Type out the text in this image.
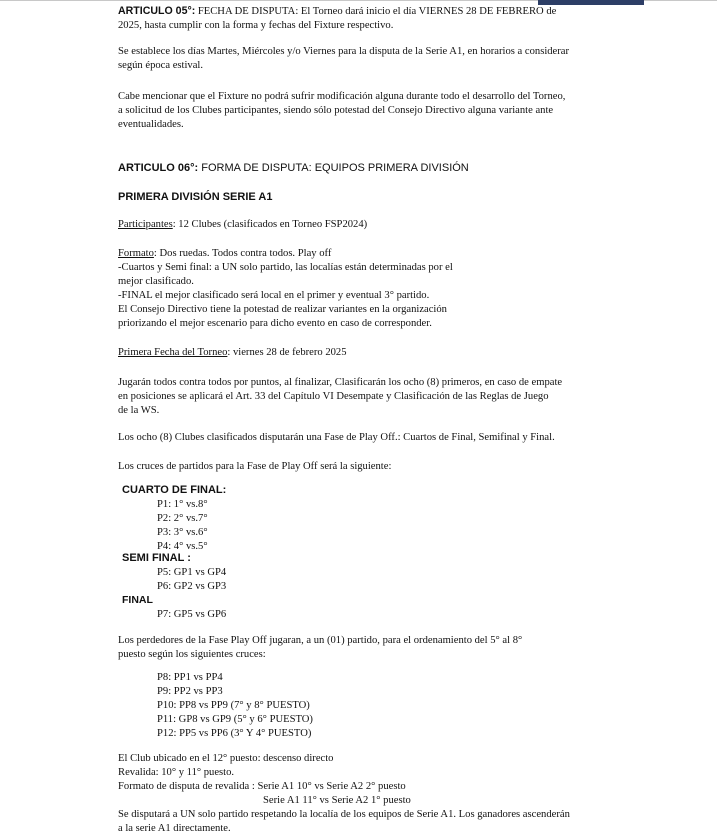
ARTICULO 05°: FECHA DE DISPUTA: El Torneo dará inicio el día VIERNES 28 DE FEBRERO de

2025, hasta cumplir con la forma y fechas del Fixture respectivo.

Se establece los días Martes, Miércoles y/o Viernes para la disputa de la Serie A1, en horarios a considerar

según época estival.

Cabe mencionar que el Fixture no podrá sufrir modificación alguna durante todo el desarrollo del Torneo,

a solicitud de los Clubes participantes, siendo sólo potestad del Consejo Directivo alguna variante ante

eventualidades.

ARTICULO 06°: FORMA DE DISPUTA: EQUIPOS PRIMERA DIVISIÓN

PRIMERA DIVISIÓN SERIE A1

Participantes: 12 Clubes (clasificados en Torneo FSP2024)

Formato: Dos ruedas. Todos contra todos. Play off

-Cuartos y Semi final: a UN solo partido, las localías están determinadas por el

mejor clasificado.

-FINAL el mejor clasificado será local en el primer y eventual 3° partido.

El Consejo Directivo tiene la potestad de realizar variantes en la organización

priorizando el mejor escenario para dicho evento en caso de corresponder.

Primera Fecha del Torneo: viernes 28 de febrero 2025

Jugarán todos contra todos por puntos, al finalizar, Clasificarán los ocho (8) primeros, en caso de empate

en posiciones se aplicará el Art. 33 del Capítulo VI Desempate y Clasificación de las Reglas de Juego

de la WS.

Los ocho (8) Clubes clasificados disputarán una Fase de Play Off.: Cuartos de Final, Semifinal y Final.

Los cruces de partidos para la Fase de Play Off será la siguiente:

CUARTO DE FINAL:

P1: 1° vs.8°

P2: 2° vs.7°

P3: 3° vs.6°

P4: 4° vs.5°

SEMI FINAL :

P5: GP1 vs GP4

P6: GP2 vs GP3

FINAL

P7: GP5 vs GP6

Los perdedores de la Fase Play Off jugaran, a un (01) partido, para el ordenamiento del 5° al 8°

puesto según los siguientes cruces:

P8: PP1 vs PP4

P9: PP2 vs PP3

P10: PP8 vs PP9 (7° y 8° PUESTO)

P11: GP8 vs GP9 (5° y 6° PUESTO)

P12: PP5 vs PP6 (3° Y 4° PUESTO)

El Club ubicado en el 12° puesto: descenso directo

Revalida: 10° y 11° puesto.

Formato de disputa de revalida : Serie A1 10° vs Serie A2 2° puesto

Serie A1 11° vs Serie A2 1° puesto

Se disputará a UN solo partido respetando la localía de los equipos de Serie A1. Los ganadores ascenderán

a la serie A1 directamente.
